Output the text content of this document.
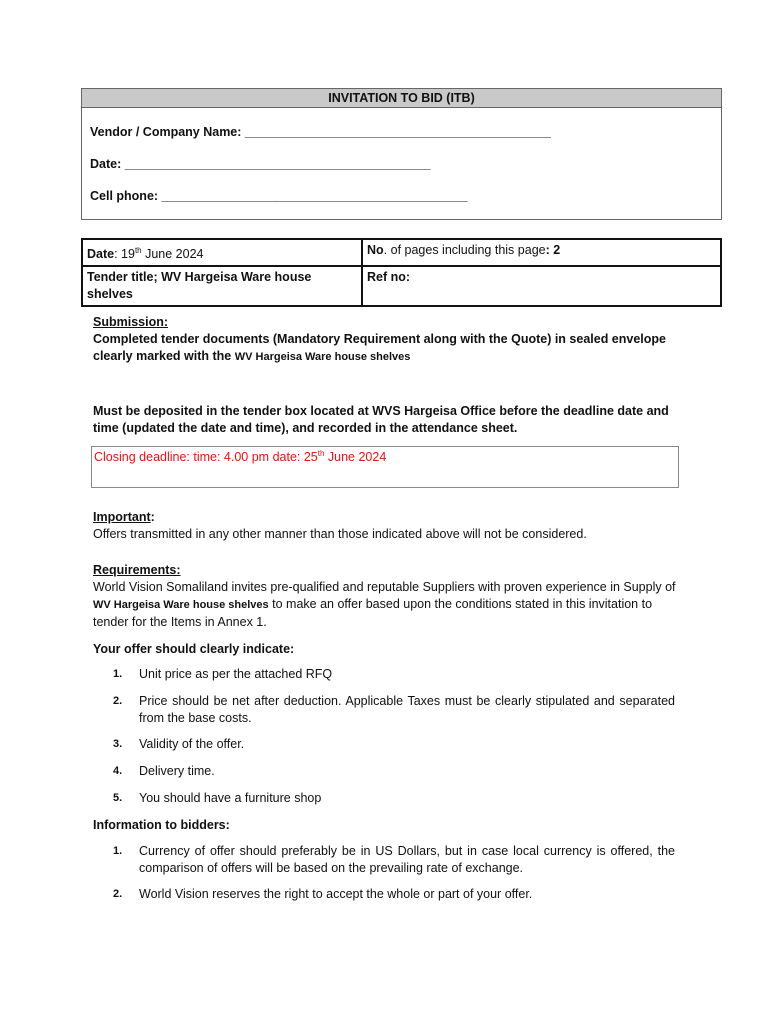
INVITATION TO BID (ITB)
Vendor / Company Name: ____________________________________________
Date: ____________________________________________
Cell phone: ____________________________________________
Date: 19th June 2024	No. of pages including this page: 2
Tender title; WV Hargeisa Ware house shelves	Ref no:
Submission:
Completed tender documents (Mandatory Requirement along with the Quote) in sealed envelope clearly marked with the WV Hargeisa Ware house shelves
Must be deposited in the tender box located at WVS Hargeisa Office before the deadline date and time (updated the date and time), and recorded in the attendance sheet.
Closing deadline: time: 4.00 pm date: 25th June 2024
Important:
Offers transmitted in any other manner than those indicated above will not be considered.
Requirements:
World Vision Somaliland invites pre-qualified and reputable Suppliers with proven experience in Supply of WV Hargeisa Ware house shelves to make an offer based upon the conditions stated in this invitation to tender for the Items in Annex 1.
Your offer should clearly indicate:
1.	Unit price as per the attached RFQ
2.	Price should be net after deduction. Applicable Taxes must be clearly stipulated and separated from the base costs.
3.	Validity of the offer.
4.	Delivery time.
5.	You should have a furniture shop
Information to bidders:
1.	Currency of offer should preferably be in US Dollars, but in case local currency is offered, the comparison of offers will be based on the prevailing rate of exchange.
2.	World Vision reserves the right to accept the whole or part of your offer.
